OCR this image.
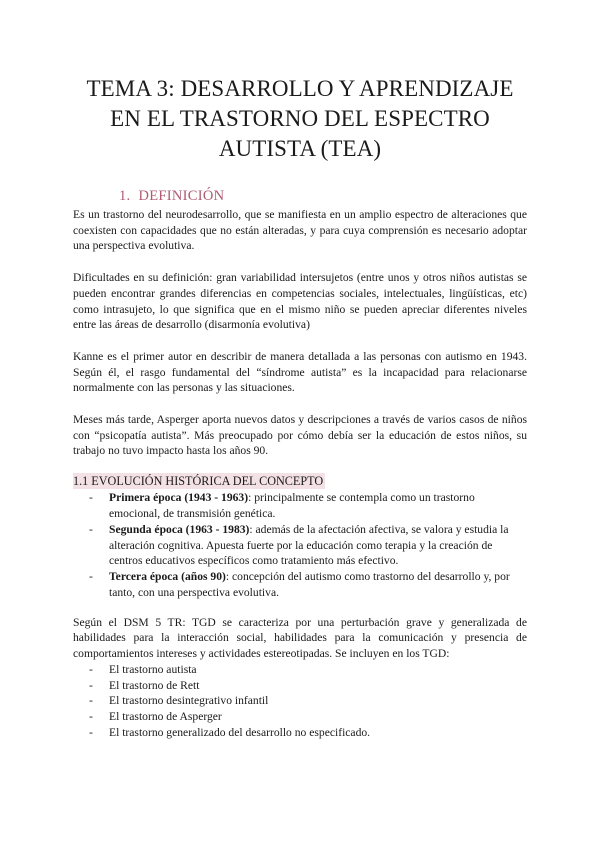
TEMA 3: DESARROLLO Y APRENDIZAJE EN EL TRASTORNO DEL ESPECTRO AUTISTA (TEA)
1. DEFINICIÓN

Es un trastorno del neurodesarrollo, que se manifiesta en un amplio espectro de alteraciones que coexisten con capacidades que no están alteradas, y para cuya comprensión es necesario adoptar una perspectiva evolutiva.

Dificultades en su definición: gran variabilidad intersujetos (entre unos y otros niños autistas se pueden encontrar grandes diferencias en competencias sociales, intelectuales, lingüísticas, etc) como intrasujeto, lo que significa que en el mismo niño se pueden apreciar diferentes niveles entre las áreas de desarrollo (disarmonía evolutiva)

Kanne es el primer autor en describir de manera detallada a las personas con autismo en 1943. Según él, el rasgo fundamental del “síndrome autista” es la incapacidad para relacionarse normalmente con las personas y las situaciones.

Meses más tarde, Asperger aporta nuevos datos y descripciones a través de varios casos de niños con “psicopatía autista”. Más preocupado por cómo debía ser la educación de estos niños, su trabajo no tuvo impacto hasta los años 90.

1.1 EVOLUCIÓN HISTÓRICA DEL CONCEPTO
- Primera época (1943 - 1963): principalmente se contempla como un trastorno emocional, de transmisión genética.
- Segunda época (1963 - 1983): además de la afectación afectiva, se valora y estudia la alteración cognitiva. Apuesta fuerte por la educación como terapia y la creación de centros educativos específicos como tratamiento más efectivo.
- Tercera época (años 90): concepción del autismo como trastorno del desarrollo y, por tanto, con una perspectiva evolutiva.

Según el DSM 5 TR: TGD se caracteriza por una perturbación grave y generalizada de habilidades para la interacción social, habilidades para la comunicación y presencia de comportamientos intereses y actividades estereotipadas. Se incluyen en los TGD:

- El trastorno autista
- El trastorno de Rett
- El trastorno desintegrativo infantil
- El trastorno de Asperger
- El trastorno generalizado del desarrollo no especificado.
